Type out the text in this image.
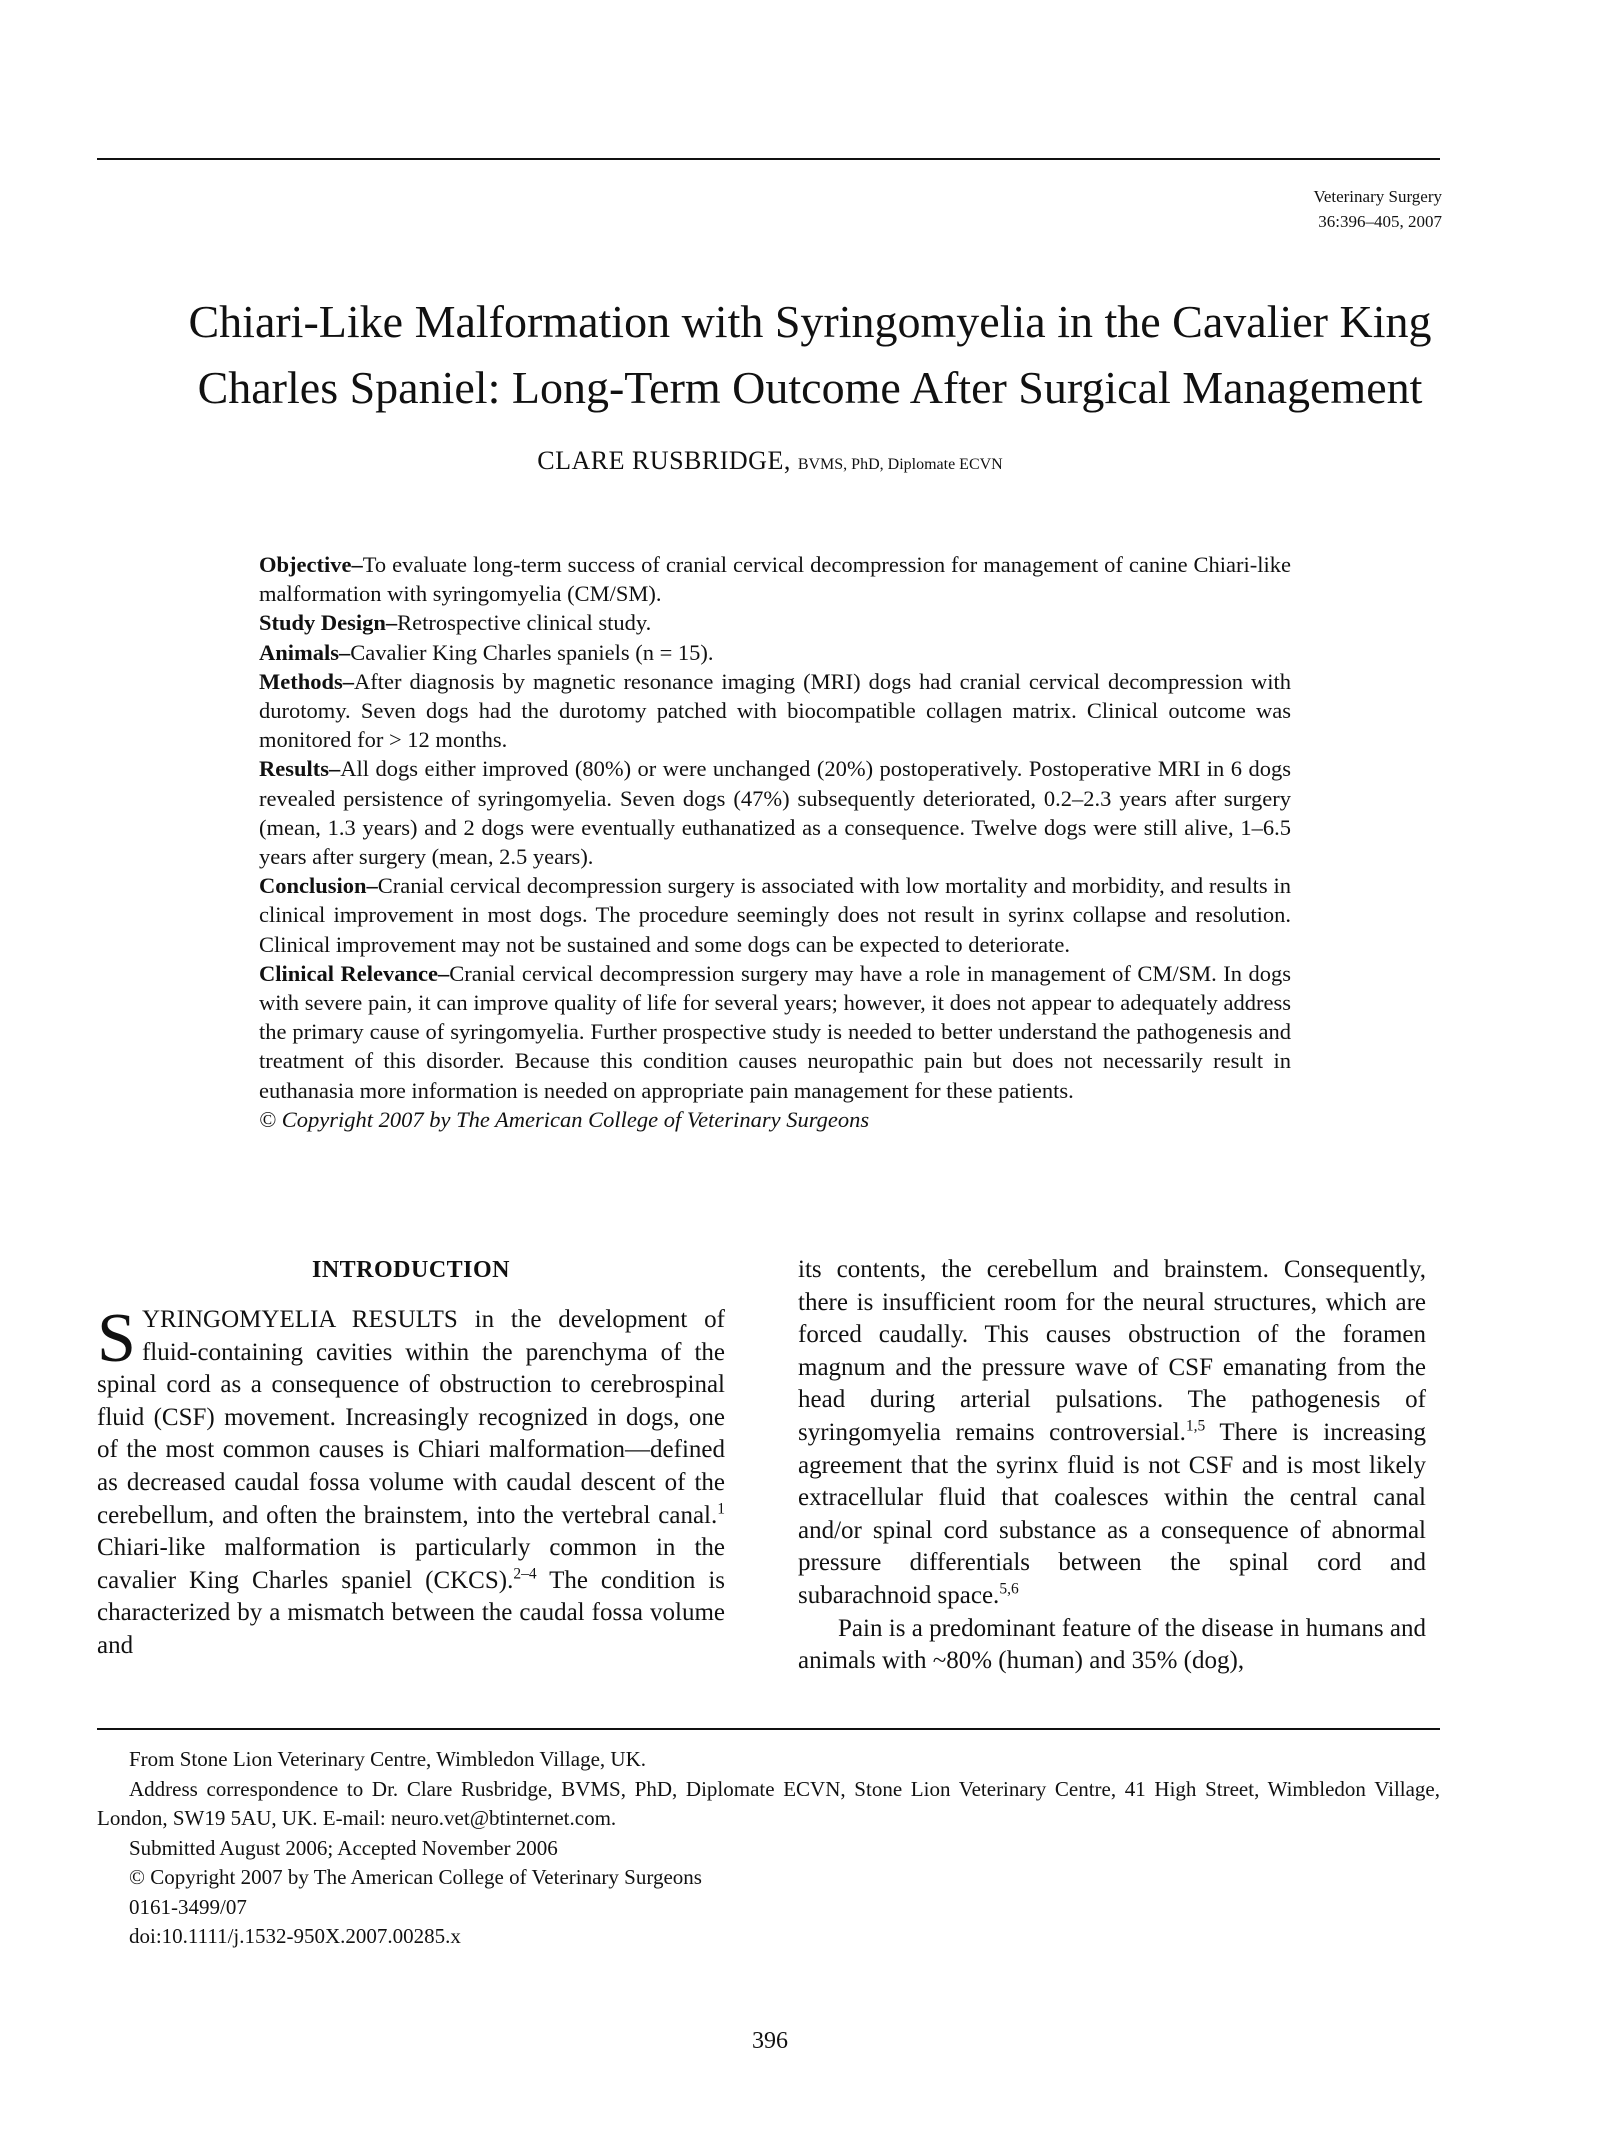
Veterinary Surgery
36:396–405, 2007
Chiari-Like Malformation with Syringomyelia in the Cavalier King
Charles Spaniel: Long-Term Outcome After Surgical Management
CLARE RUSBRIDGE, BVMS, PhD, Diplomate ECVN

Objective–To evaluate long-term success of cranial cervical decompression for management of canine Chiari-like malformation with syringomyelia (CM/SM).

Study Design–Retrospective clinical study.

Animals–Cavalier King Charles spaniels (n = 15).

Methods–After diagnosis by magnetic resonance imaging (MRI) dogs had cranial cervical decompression with durotomy. Seven dogs had the durotomy patched with biocompatible collagen matrix. Clinical outcome was monitored for > 12 months.

Results–All dogs either improved (80%) or were unchanged (20%) postoperatively. Postoperative MRI in 6 dogs revealed persistence of syringomyelia. Seven dogs (47%) subsequently deteriorated, 0.2–2.3 years after surgery (mean, 1.3 years) and 2 dogs were eventually euthanatized as a consequence. Twelve dogs were still alive, 1–6.5 years after surgery (mean, 2.5 years).

Conclusion–Cranial cervical decompression surgery is associated with low mortality and morbidity, and results in clinical improvement in most dogs. The procedure seemingly does not result in syrinx collapse and resolution. Clinical improvement may not be sustained and some dogs can be expected to deteriorate.

Clinical Relevance–Cranial cervical decompression surgery may have a role in management of CM/SM. In dogs with severe pain, it can improve quality of life for several years; however, it does not appear to adequately address the primary cause of syringomyelia. Further prospective study is needed to better understand the pathogenesis and treatment of this disorder. Because this condition causes neuropathic pain but does not necessarily result in euthanasia more information is needed on appropriate pain management for these patients.

© Copyright 2007 by The American College of Veterinary Surgeons

INTRODUCTION

SYRINGOMYELIA RESULTS in the development of fluid-containing cavities within the parenchyma of the spinal cord as a consequence of obstruction to cerebrospinal fluid (CSF) movement. Increasingly recognized in dogs, one of the most common causes is Chiari malformation—defined as decreased caudal fossa volume with caudal descent of the cerebellum, and often the brainstem, into the vertebral canal.$^1$ Chiari-like malformation is particularly common in the cavalier King Charles spaniel (CKCS).$^{2-4}$ The condition is characterized by a mismatch between the caudal fossa volume and

its contents, the cerebellum and brainstem. Consequently, there is insufficient room for the neural structures, which are forced caudally. This causes obstruction of the foramen magnum and the pressure wave of CSF emanating from the head during arterial pulsations. The pathogenesis of syringomyelia remains controversial.$^{1,5}$ There is increasing agreement that the syrinx fluid is not CSF and is most likely extracellular fluid that coalesces within the central canal and/or spinal cord substance as a consequence of abnormal pressure differentials between the spinal cord and subarachnoid space.$^{5,6}$

Pain is a predominant feature of the disease in humans and animals with ~80% (human) and 35% (dog),

From Stone Lion Veterinary Centre, Wimbledon Village, UK.

Address correspondence to Dr. Clare Rusbridge, BVMS, PhD, Diplomate ECVN, Stone Lion Veterinary Centre, 41 High Street, Wimbledon Village, London, SW19 5AU, UK. E-mail: neuro.vet@btinternet.com.

Submitted August 2006; Accepted November 2006

© Copyright 2007 by The American College of Veterinary Surgeons

0161-3499/07

doi:10.1111/j.1532-950X.2007.00285.x

396
